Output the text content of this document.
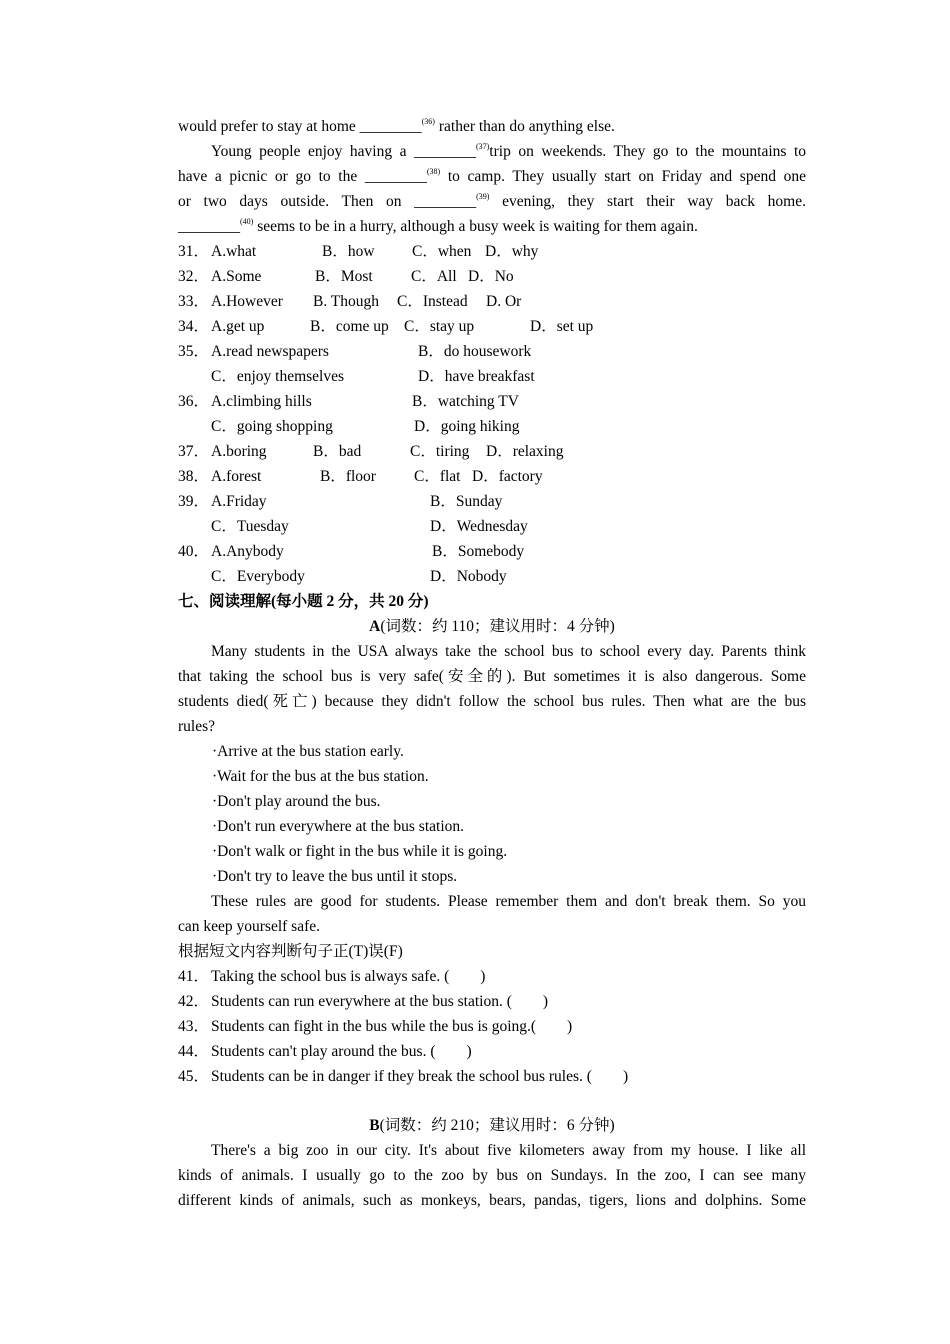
would prefer to stay at home ________$^{(36)}$ rather than do anything else.
Young people enjoy having a ________$^{(37)}$trip on weekends. They go to the mountains to
have a picnic or go to the ________$^{(38)}$ to camp. They usually start on Friday and spend one
or two days outside. Then on ________$^{(39)}$ evening, they start their way back home.
________$^{(40)}$ seems to be in a hurry, although a busy week is waiting for them again.
31． A.what	B．how C．when D．why
32． A.Some	B．Most C．All D．No
33． A.However B. Though C．Instead D. Or
34． A.get up	B．come up C．stay up	D．set up
35． A.read newspapers	B．do housework
C．enjoy themselves	D．have breakfast
36． A.climbing hills	B．watching TV
C．going shopping	D．going hiking
37． A.boring	B．bad	C．tiring D．relaxing
38． A.forest	B．floor C．flat D．factory
39． A.Friday	B．Sunday
C．Tuesday	D．Wednesday
40． A.Anybody	B．Somebody
C．Everybody	D．Nobody
七、阅读理解(每小题 2 分，共 20 分)
A(词数：约 110；建议用时：4 分钟)
Many students in the USA always take the school bus to school every day. Parents think
that taking the school bus is very safe(安全的). But sometimes it is also dangerous. Some
students died(死亡) because they didn't follow the school bus rules. Then what are the bus
rules?
·Arrive at the bus station early.
·Wait for the bus at the bus station.
·Don't play around the bus.
·Don't run everywhere at the bus station.
·Don't walk or fight in the bus while it is going.
·Don't try to leave the bus until it stops.
These rules are good for students. Please remember them and don't break them. So you
can keep yourself safe.
根据短文内容判断句子正(T)误(F)
41． Taking the school bus is always safe. (　　)
42． Students can run everywhere at the bus station. (　　)
43． Students can fight in the bus while the bus is going.(　　)
44． Students can't play around the bus. (　　)
45． Students can be in danger if they break the school bus rules. (　　)
B(词数：约 210；建议用时：6 分钟)
There's a big zoo in our city. It's about five kilometers away from my house. I like all
kinds of animals. I usually go to the zoo by bus on Sundays. In the zoo, I can see many
different kinds of animals, such as monkeys, bears, pandas, tigers, lions and dolphins. Some
